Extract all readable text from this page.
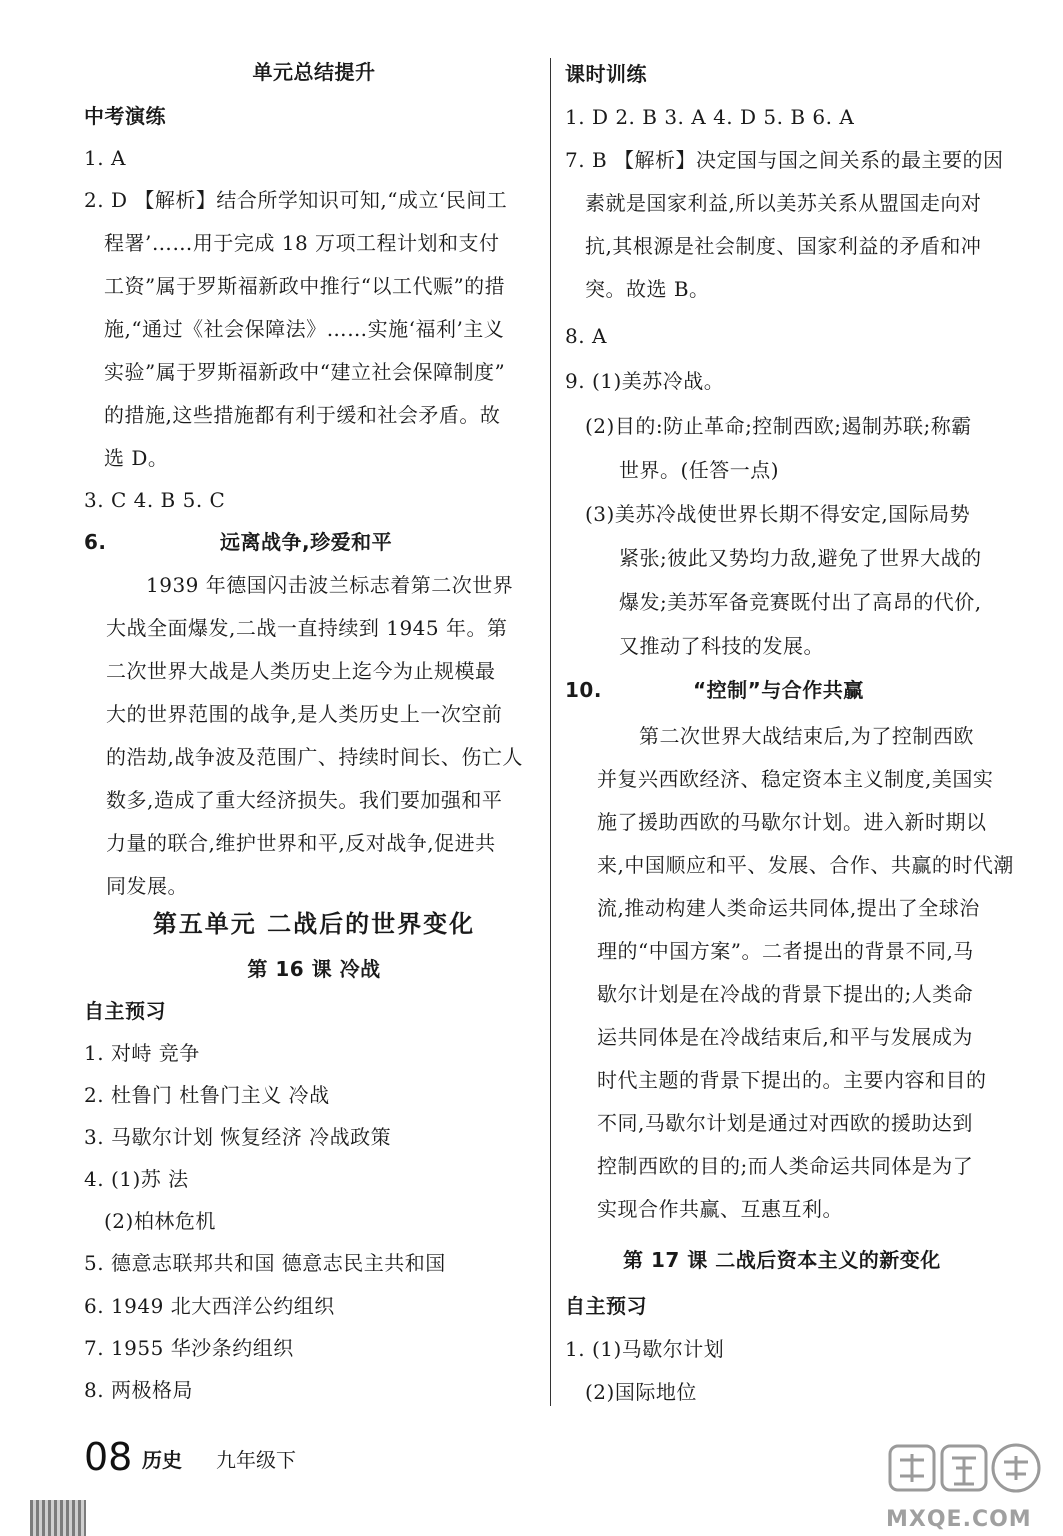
单元总结提升
中考演练
1. A
2. D 【解析】结合所学知识可知,“成立‘民间工
程署’……用于完成 18 万项工程计划和支付
工资”属于罗斯福新政中推行“以工代赈”的措
施,“通过《社会保障法》……实施‘福利’主义
实验”属于罗斯福新政中“建立社会保障制度”
的措施,这些措施都有利于缓和社会矛盾。故
选 D。
3. C 4. B 5. C
6.	远离战争,珍爱和平
1939 年德国闪击波兰标志着第二次世界
大战全面爆发,二战一直持续到 1945 年。第
二次世界大战是人类历史上迄今为止规模最
大的世界范围的战争,是人类历史上一次空前
的浩劫,战争波及范围广、持续时间长、伤亡人
数多,造成了重大经济损失。我们要加强和平
力量的联合,维护世界和平,反对战争,促进共
同发展。
第五单元 二战后的世界变化
第 16 课 冷战
自主预习
1. 对峙 竞争
2. 杜鲁门 杜鲁门主义 冷战
3. 马歇尔计划 恢复经济 冷战政策
4. (1)苏 法
(2)柏林危机
5. 德意志联邦共和国 德意志民主共和国
6. 1949 北大西洋公约组织
7. 1955 华沙条约组织
8. 两极格局
课时训练
1. D 2. B 3. A 4. D 5. B 6. A
7. B 【解析】决定国与国之间关系的最主要的因
素就是国家利益,所以美苏关系从盟国走向对
抗,其根源是社会制度、国家利益的矛盾和冲
突。故选 B。
8. A
9. (1)美苏冷战。
(2)目的:防止革命;控制西欧;遏制苏联;称霸
世界。(任答一点)
(3)美苏冷战使世界长期不得安定,国际局势
紧张;彼此又势均力敌,避免了世界大战的
爆发;美苏军备竞赛既付出了高昂的代价,
又推动了科技的发展。
10.	“控制”与合作共赢
第二次世界大战结束后,为了控制西欧
并复兴西欧经济、稳定资本主义制度,美国实
施了援助西欧的马歇尔计划。进入新时期以
来,中国顺应和平、发展、合作、共赢的时代潮
流,推动构建人类命运共同体,提出了全球治
理的“中国方案”。二者提出的背景不同,马
歇尔计划是在冷战的背景下提出的;人类命
运共同体是在冷战结束后,和平与发展成为
时代主题的背景下提出的。主要内容和目的
不同,马歇尔计划是通过对西欧的援助达到
控制西欧的目的;而人类命运共同体是为了
实现合作共赢、互惠互利。
第 17 课 二战后资本主义的新变化
自主预习
1. (1)马歇尔计划
(2)国际地位
08 历史 九年级下
MXQE.COM
